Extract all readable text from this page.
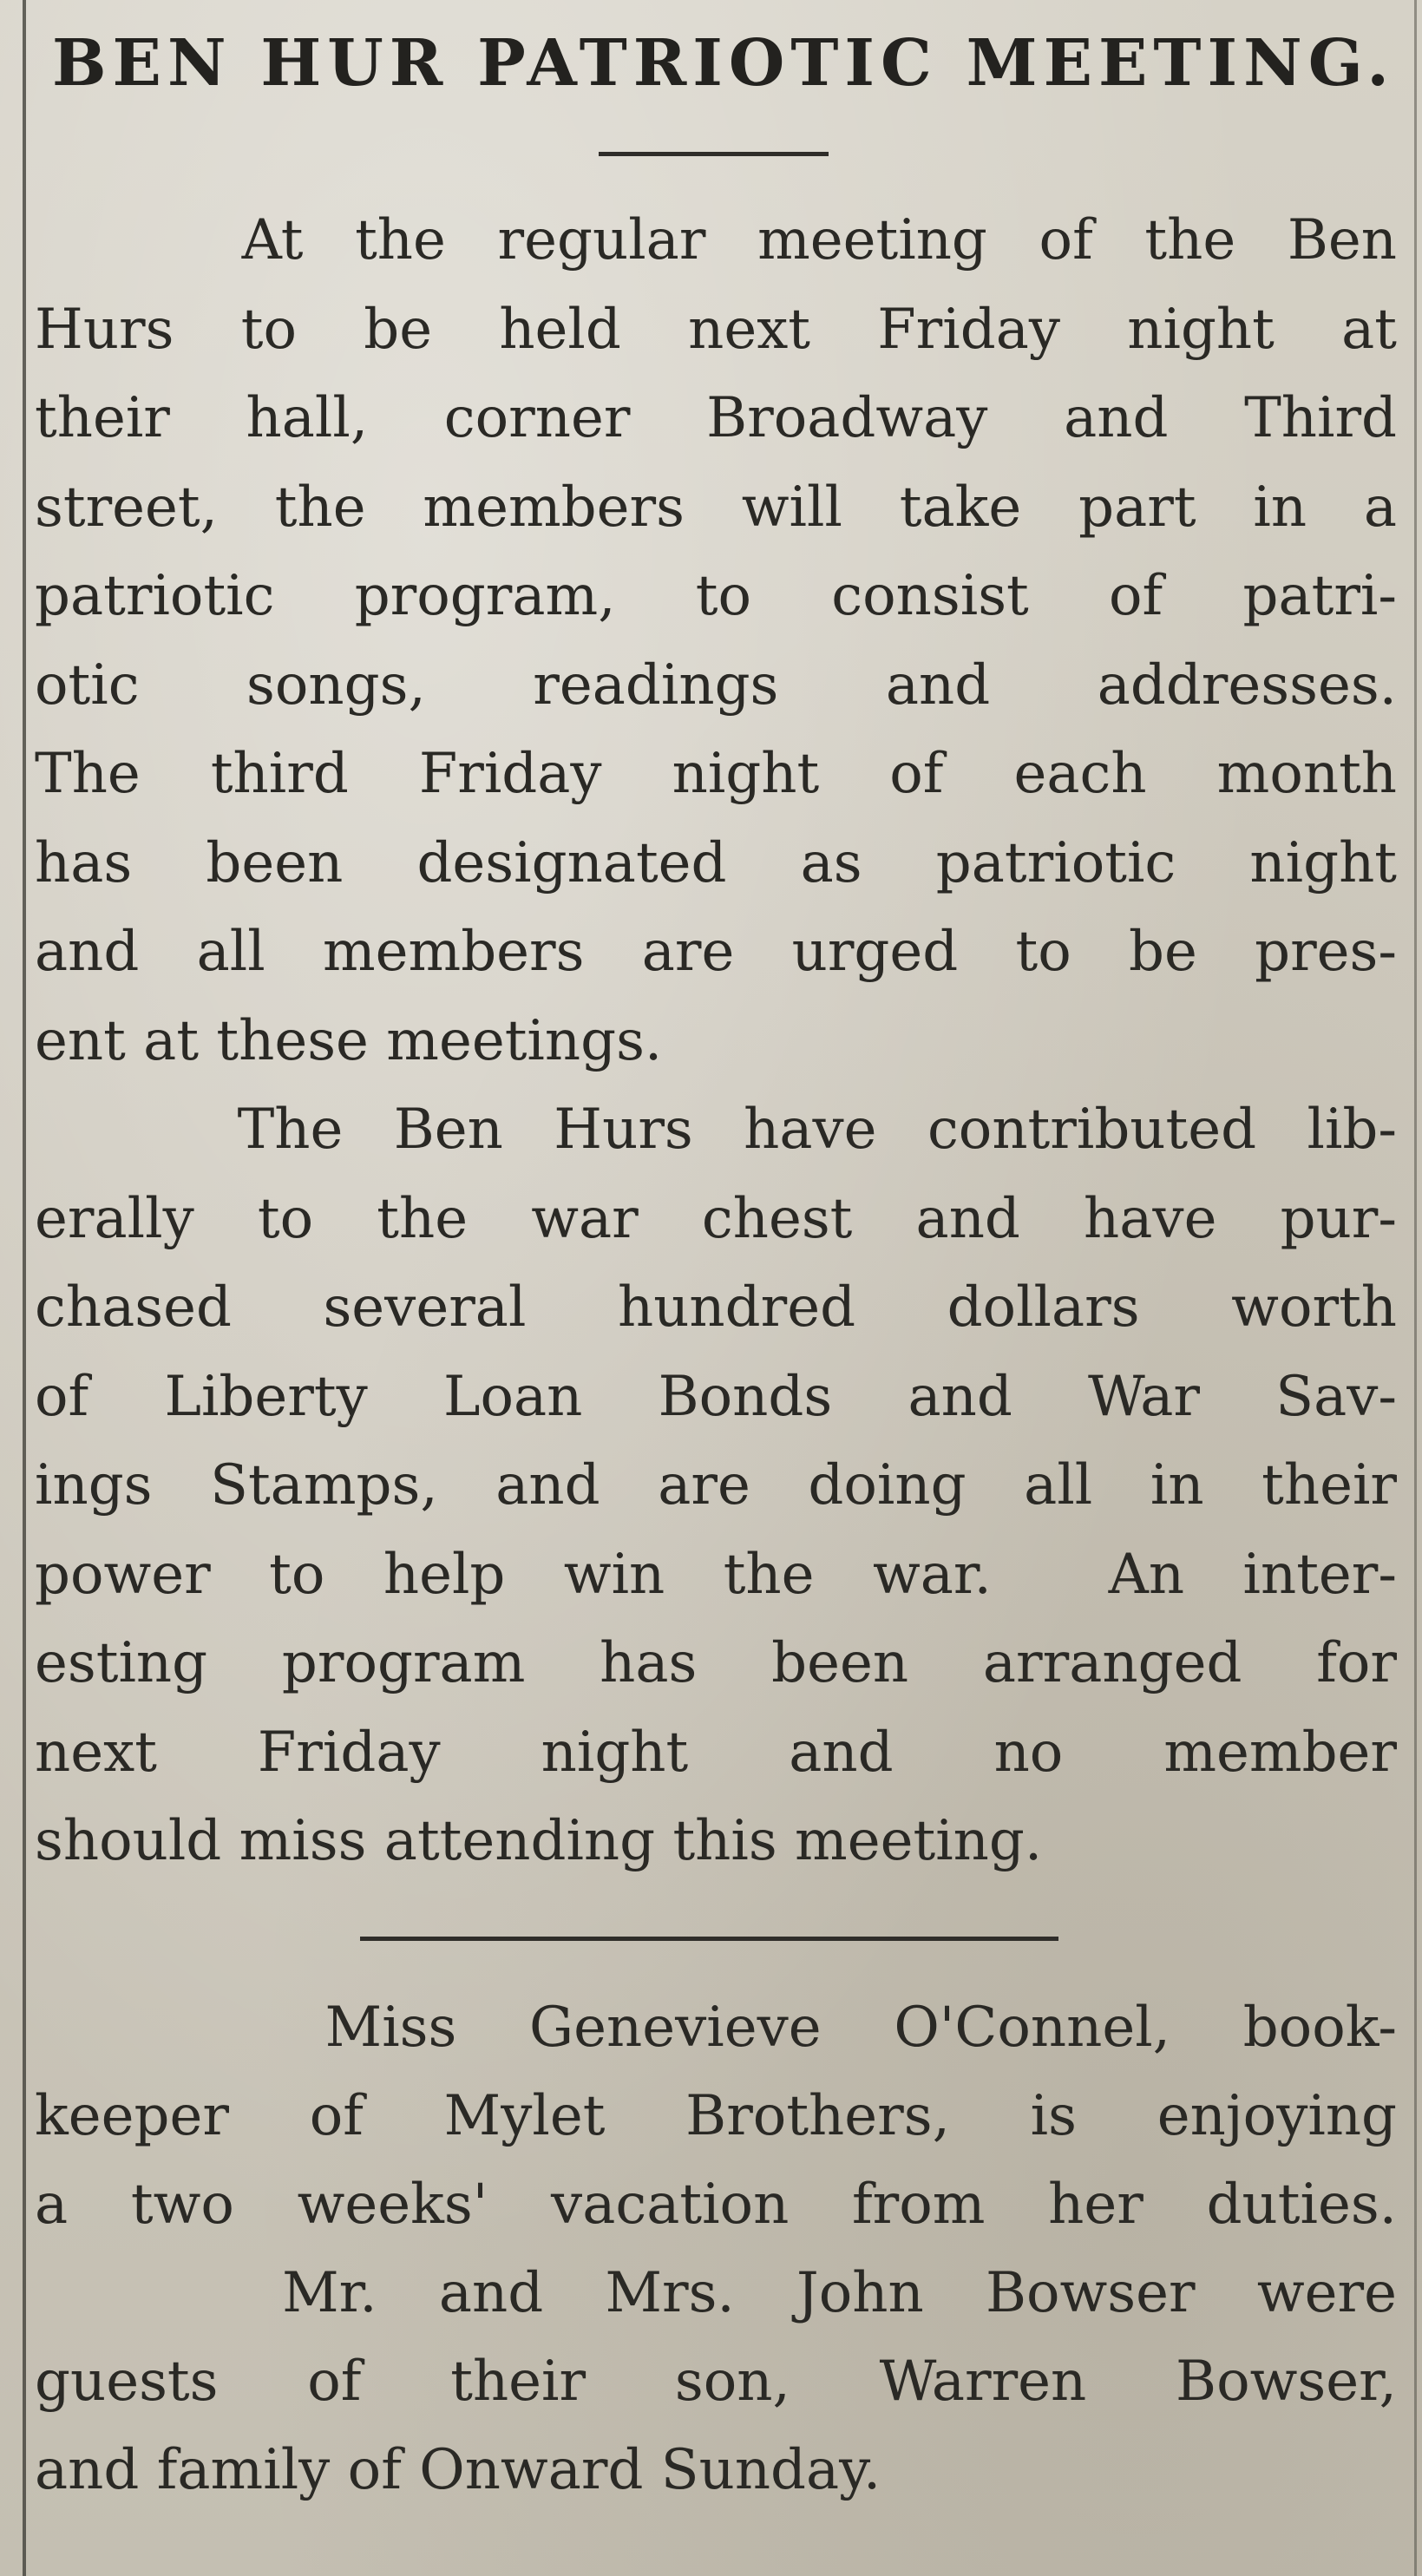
BEN HUR PATRIOTIC MEETING.
At the regular meeting of the Ben
Hurs to be held next Friday night at
their hall, corner Broadway and Third
street, the members will take part in a
patriotic program, to consist of patri-
otic songs, readings and addresses.
The third Friday night of each month
has been designated as patriotic night
and all members are urged to be pres-
ent at these meetings.
The Ben Hurs have contributed lib-
erally to the war chest and have pur-
chased several hundred dollars worth
of Liberty Loan Bonds and War Sav-
ings Stamps, and are doing all in their
power to help win the war.  An inter-
esting program has been arranged for
next Friday night and no member
should miss attending this meeting.
Miss Genevieve O'Connel, book-
keeper of Mylet Brothers, is enjoying
a two weeks' vacation from her duties.
Mr. and Mrs. John Bowser were
guests of their son, Warren Bowser,
and family of Onward Sunday.
